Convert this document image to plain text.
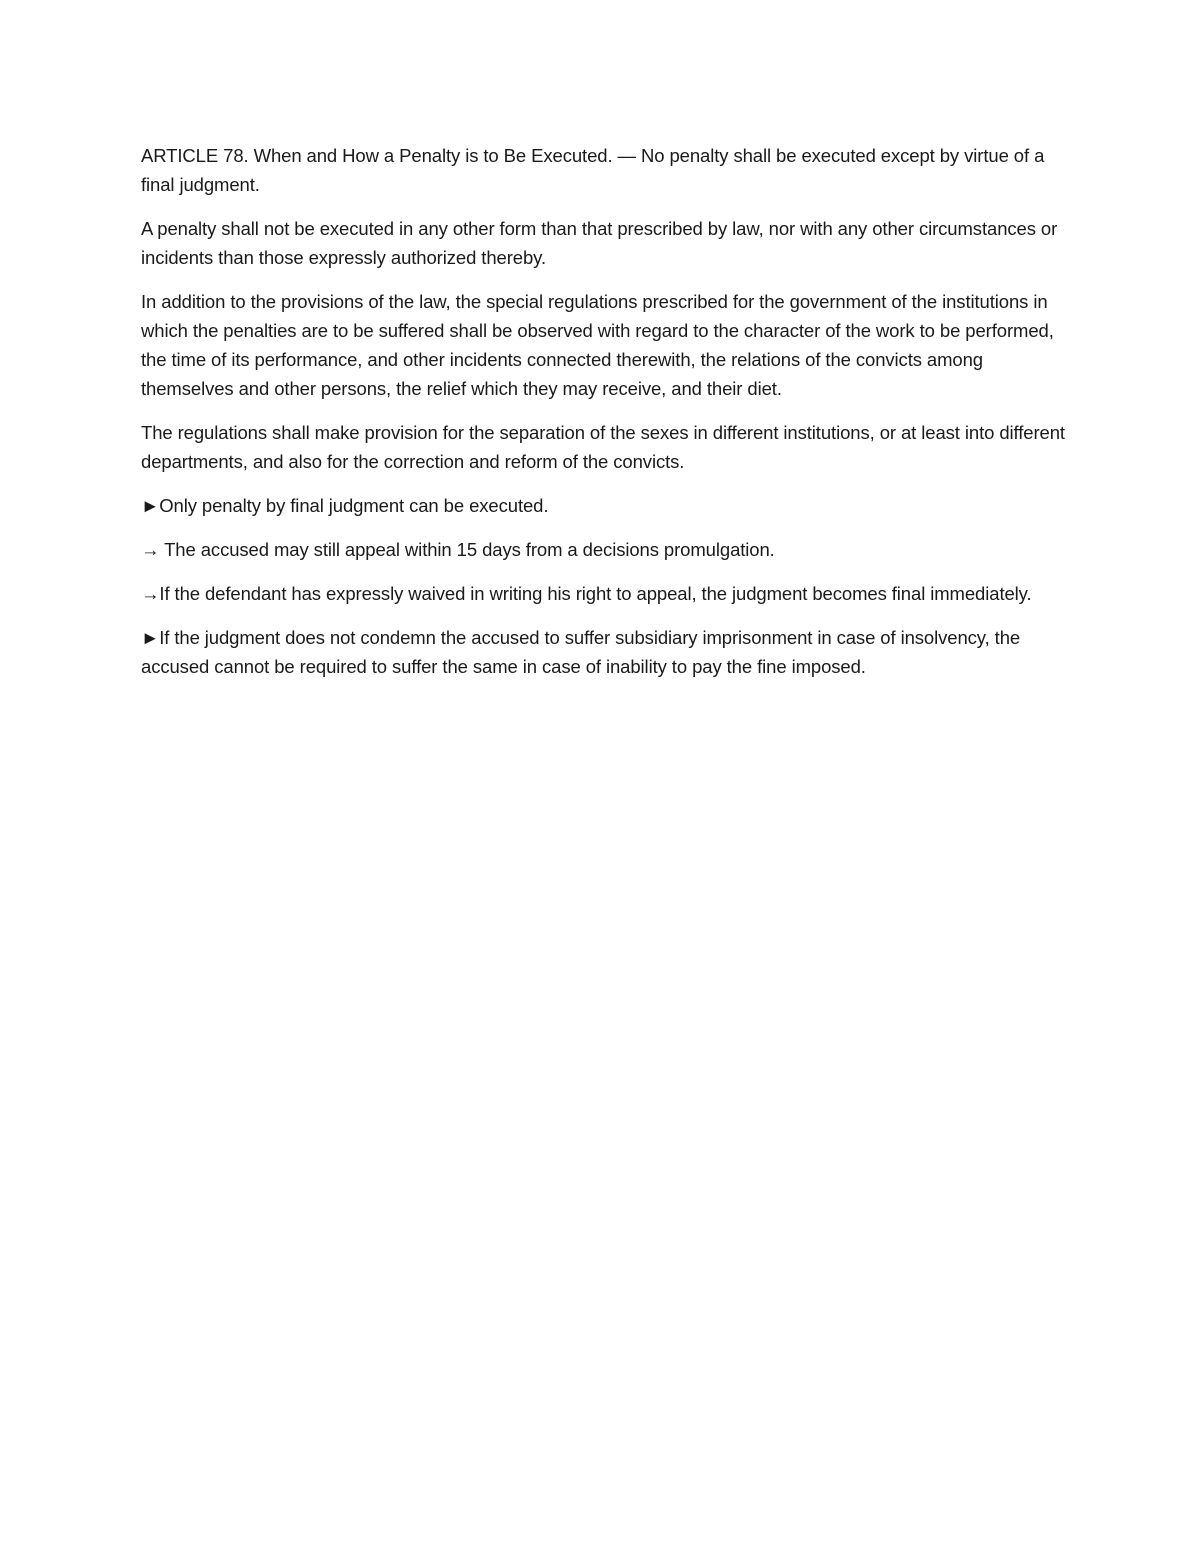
ARTICLE 78. When and How a Penalty is to Be Executed. — No penalty shall be executed except by virtue of a final judgment.

A penalty shall not be executed in any other form than that prescribed by law, nor with any other circumstances or incidents than those expressly authorized thereby.

In addition to the provisions of the law, the special regulations prescribed for the government of the institutions in which the penalties are to be suffered shall be observed with regard to the character of the work to be performed, the time of its performance, and other incidents connected therewith, the relations of the convicts among themselves and other persons, the relief which they may receive, and their diet.

The regulations shall make provision for the separation of the sexes in different institutions, or at least into different departments, and also for the correction and reform of the convicts.

►Only penalty by final judgment can be executed.

→ The accused may still appeal within 15 days from a decisions promulgation.

→If the defendant has expressly waived in writing his right to appeal, the judgment becomes final immediately.

►If the judgment does not condemn the accused to suffer subsidiary imprisonment in case of insolvency, the accused cannot be required to suffer the same in case of inability to pay the fine imposed.
